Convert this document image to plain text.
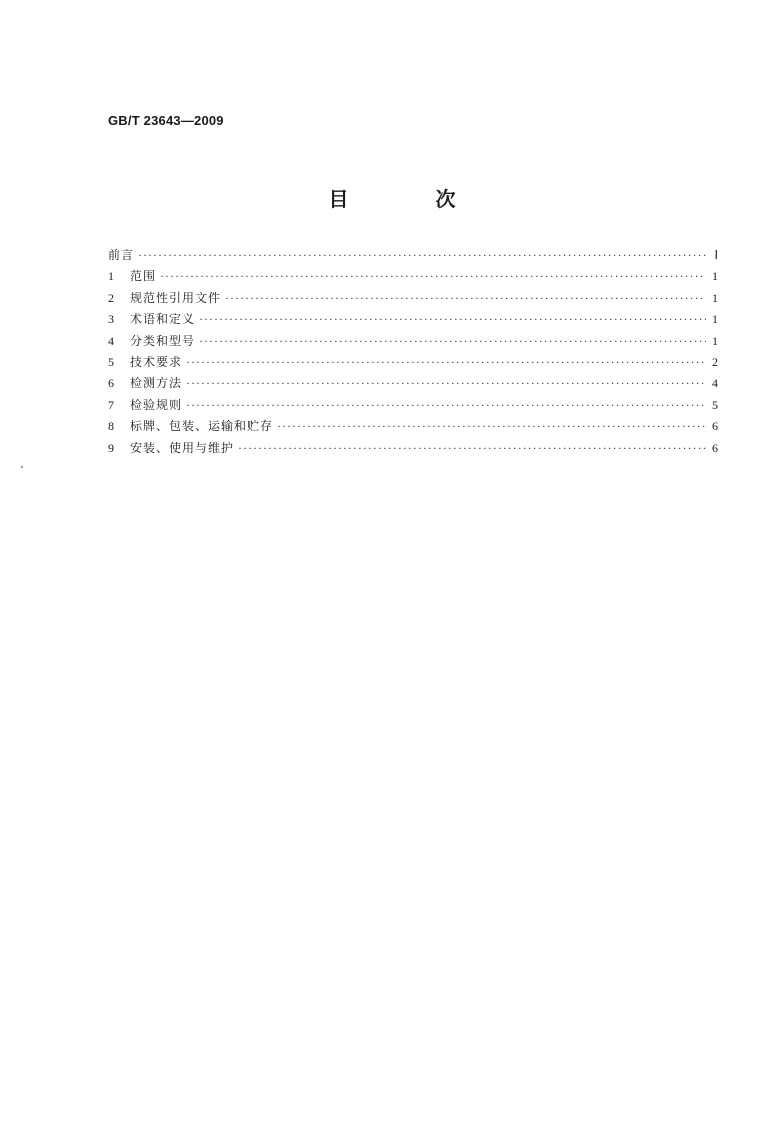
GB/T 23643—2009
目 次
前言 ·····	Ⅰ
1	范围 ·····	1
2	规范性引用文件 ·····	1
3	术语和定义 ·····	1
4	分类和型号 ·····	1
5	技术要求 ·····	2
6	检测方法 ·····	4
7	检验规则 ·····	5
8	标牌、包装、运输和贮存 ·····	6
9	安装、使用与维护 ·····	6
